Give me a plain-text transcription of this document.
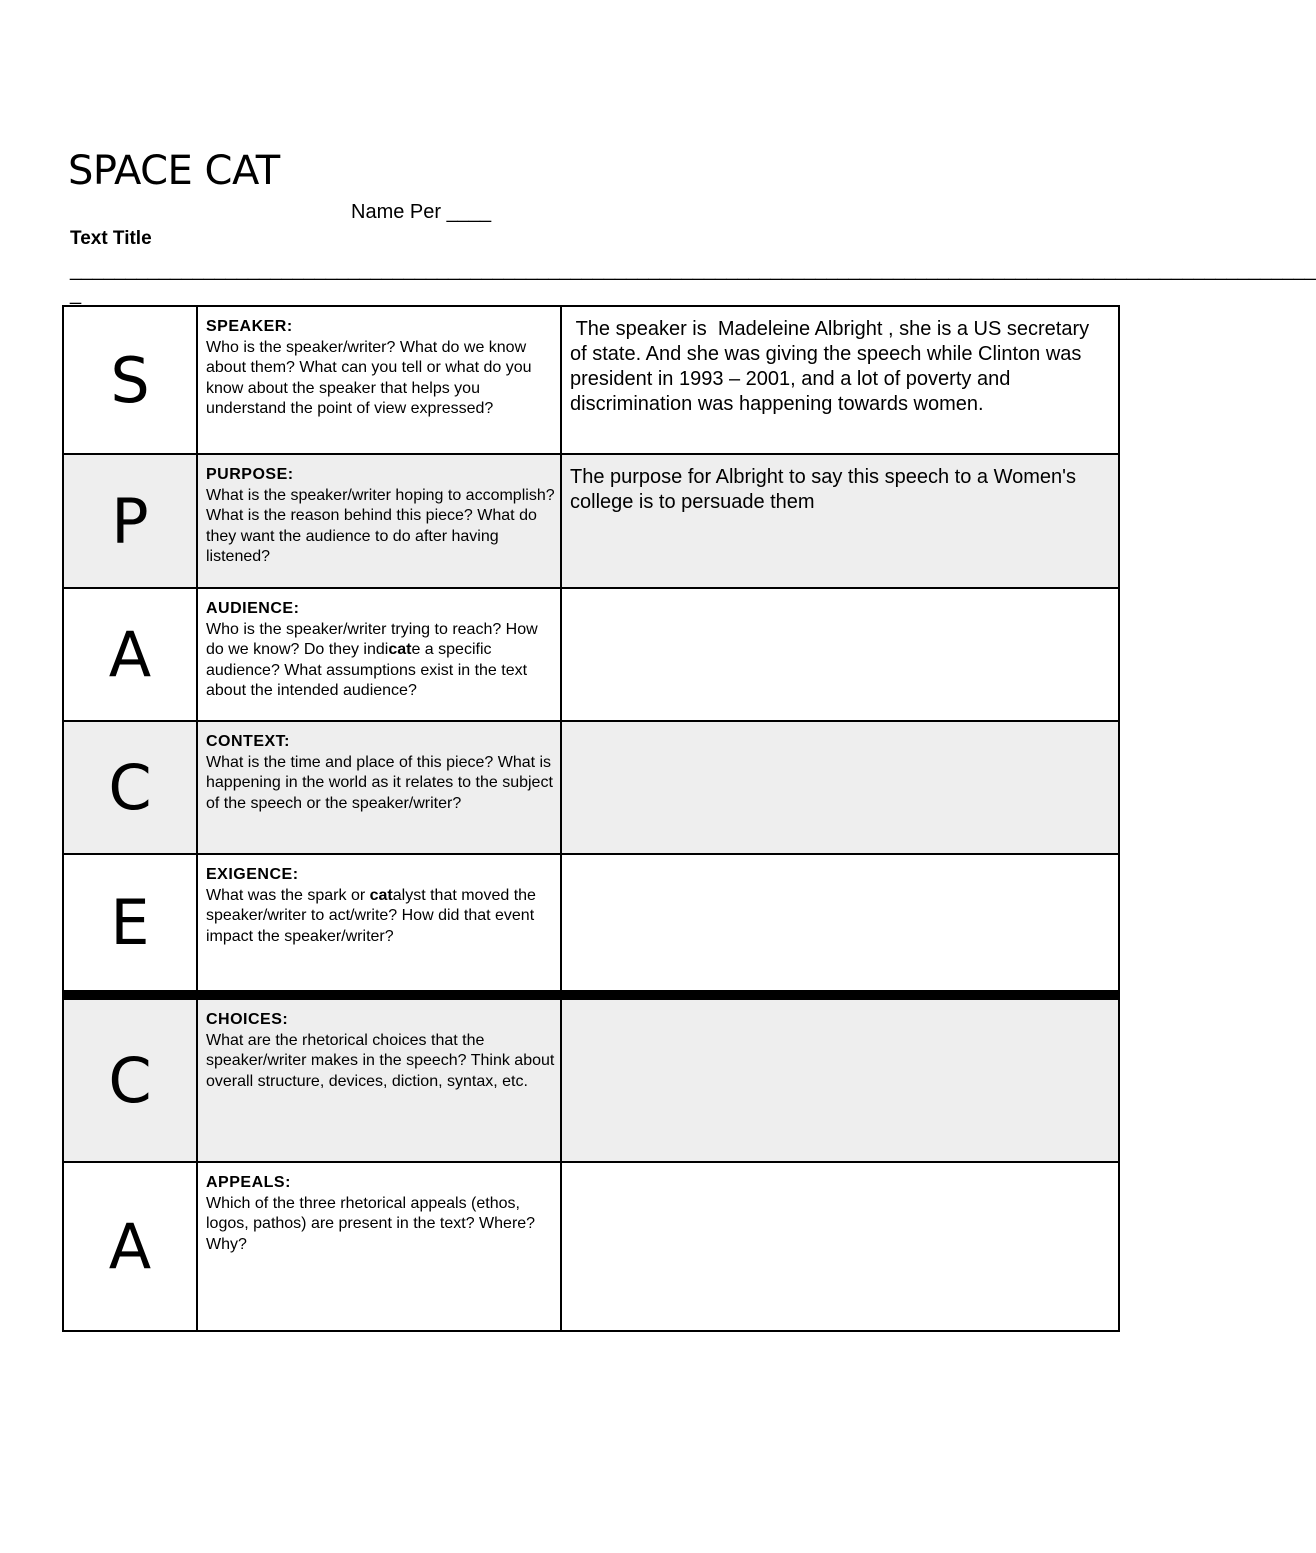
SPACE CAT
Name Per ____
Text Title
________________________________________________________________________________________________________________
_
S
SPEAKER:
Who is the speaker/writer? What do we know about them? What can you tell or what do you know about the speaker that helps you understand the point of view expressed?
The speaker is  Madeleine Albright , she is a US secretary of state. And she was giving the speech while Clinton was president in 1993 – 2001, and a lot of poverty and discrimination was happening towards women.
P
PURPOSE:
What is the speaker/writer hoping to accomplish? What is the reason behind this piece? What do they want the audience to do after having listened?
The purpose for Albright to say this speech to a Women's college is to persuade them
A
AUDIENCE:
Who is the speaker/writer trying to reach? How do we know? Do they indicate a specific audience? What assumptions exist in the text about the intended audience?
C
CONTEXT:
What is the time and place of this piece? What is happening in the world as it relates to the subject of the speech or the speaker/writer?
E
EXIGENCE:
What was the spark or catalyst that moved the speaker/writer to act/write? How did that event impact the speaker/writer?
C
CHOICES:
What are the rhetorical choices that the speaker/writer makes in the speech? Think about overall structure, devices, diction, syntax, etc.
A
APPEALS:
Which of the three rhetorical appeals (ethos, logos, pathos) are present in the text? Where? Why?
